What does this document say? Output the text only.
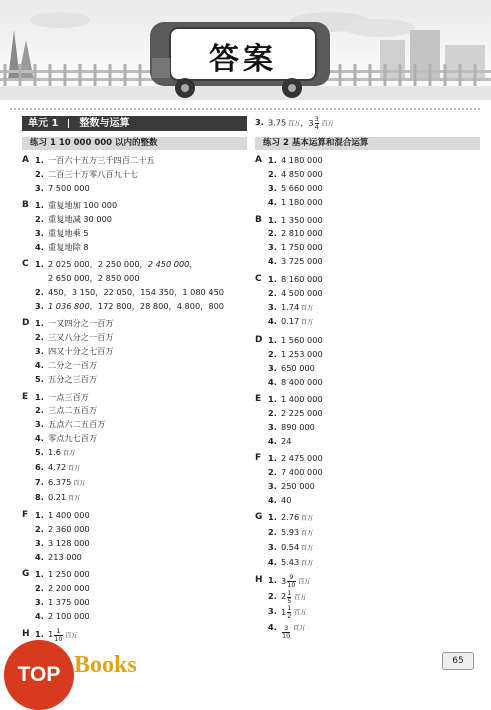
答案
单元 1 整数与运算
练习 1 10 000 000 以内的整数
A 1. 一百六十五万三千四百二十五
2. 二百三十万零八百九十七
3. 7 500 000
B 1. 重复地加 100 000
2. 重复地减 30 000
3. 重复地乘 5
4. 重复地除 8
C 1. 2 025 000，2 250 000，2 450 000，
2 650 000，2 850 000
2. 450，3 150，22 050，154 350，1 080 450
3. 1 036 800，172 800，28 800，4 800，800
D 1. 一又四分之一百万
2. 三又八分之一百万
3. 四又十分之七百万
4. 二分之一百万
5. 五分之三百万
E 1. 一点三百万
2. 三点二五百万
3. 五点六二五百万
4. 零点九七百万
5. 1.6 百万
6. 4.72 百万
7. 6.375 百万
8. 0.21 百万
F 1. 1 400 000
2. 2 360 000
3. 3 128 000
4. 213 000
G 1. 1 250 000
2. 2 200 000
3. 1 375 000
4. 2 100 000
H 1. $1 \frac{1}{10}$ 百万
3. 3.75 百万， $3 \frac{3}{4}$ 百万
练习 2 基本运算和混合运算
A 1. 4 180 000
2. 4 850 000
3. 5 660 000
4. 1 180 000
B 1. 1 350 000
2. 2 810 000
3. 1 750 000
4. 3 725 000
C 1. 8 160 000
2. 4 500 000
3. 1.74 百万
4. 0.17 百万
D 1. 1 560 000
2. 1 253 000
3. 650 000
4. 8 400 000
E 1. 1 400 000
2. 2 225 000
3. 890 000
4. 24
F 1. 2 475 000
2. 7 400 000
3. 250 000
4. 40
G 1. 2.76 百万
2. 5.93 百万
3. 0.54 百万
4. 5.43 百万
H 1. $3 \frac{9}{10}$ 百万
2. $2 \frac{1}{5}$ 百万
3. $1 \frac{1}{2}$ 百万
4. $\frac{3}{10}$ 百万
TOP Books	65
